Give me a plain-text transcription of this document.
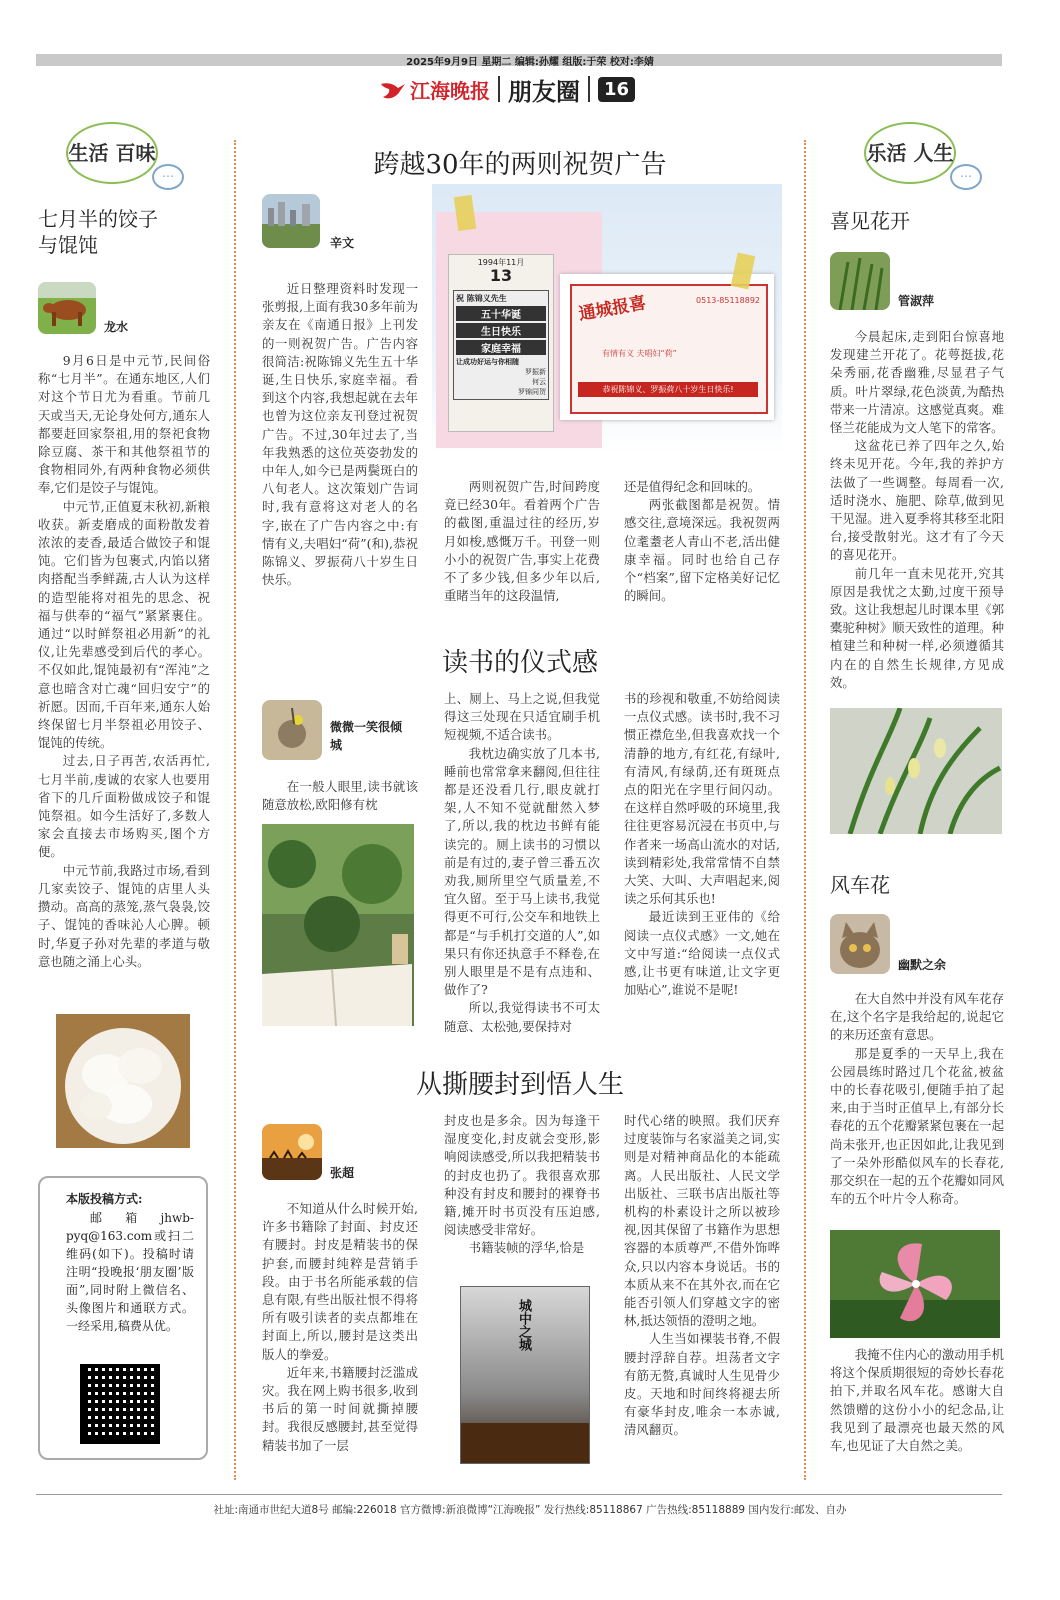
2025年9月9日 星期二 编辑:孙耀 组版:于荣 校对:李婧
江海晚报 朋友圈	16
生活 百味
…
七月半的饺子与馄饨
龙水

9月6日是中元节,民间俗称“七月半”。在通东地区,人们对这个节日尤为看重。节前几天或当天,无论身处何方,通东人都要赶回家祭祖,用的祭祀食物除豆腐、茶干和其他祭祖节的食物相同外,有两种食物必须供奉,它们是饺子与馄饨。

中元节,正值夏末秋初,新粮收获。新麦磨成的面粉散发着浓浓的麦香,最适合做饺子和馄饨。它们皆为包裹式,内馅以猪肉搭配当季鲜蔬,古人认为这样的造型能将对祖先的思念、祝福与供奉的“福气”紧紧裹住。通过“以时鲜祭祖必用新”的礼仪,让先辈感受到后代的孝心。不仅如此,馄饨最初有“浑沌”之意也暗含对亡魂“回归安宁”的祈愿。因而,千百年来,通东人始终保留七月半祭祖必用饺子、馄饨的传统。

过去,日子再苦,农活再忙,七月半前,虔诚的农家人也要用省下的几斤面粉做成饺子和馄饨祭祖。如今生活好了,多数人家会直接去市场购买,图个方便。

中元节前,我路过市场,看到几家卖饺子、馄饨的店里人头攒动。高高的蒸笼,蒸气袅袅,饺子、馄饨的香味沁人心脾。顿时,华夏子孙对先辈的孝道与敬意也随之涌上心头。

本版投稿方式:
邮箱jhwb-pyq@163.com或扫二维码(如下)。投稿时请注明“投晚报‘朋友圈’版面”,同时附上微信名、头像图片和通联方式。一经采用,稿费从优。
跨越30年的两则祝贺广告
辛文

近日整理资料时发现一张剪报,上面有我30多年前为亲友在《南通日报》上刊发的一则祝贺广告。广告内容很简洁:祝陈锦义先生五十华诞,生日快乐,家庭幸福。看到这个内容,我想起就在去年也曾为这位亲友刊登过祝贺广告。不过,30年过去了,当年我熟悉的这位英姿勃发的中年人,如今已是两鬓斑白的八旬老人。这次策划广告词时,我有意将这对老人的名字,嵌在了广告内容之中:有情有义,夫唱妇“荷”(和),恭祝陈锦义、罗振荷八十岁生日快乐。

1994年11月
13
祝 陈锦义先生
五十华诞
生日快乐
家庭幸福
让成功好运与你相随
罗振新
何云
罗锦同贺
通城报喜	0513-85118892
有情有义 夫唱妇“荷”
恭祝陈锦义、罗振荷八十岁生日快乐!

两则祝贺广告,时间跨度竟已经30年。看着两个广告的截图,重温过往的经历,岁月如梭,感慨万千。刊登一则小小的祝贺广告,事实上花费不了多少钱,但多少年以后,重睹当年的这段温情,

还是值得纪念和回味的。

两张截图都是祝贺。情感交往,意境深远。我祝贺两位耄耋老人青山不老,活出健康幸福。同时也给自己存个“档案”,留下定格美好记忆的瞬间。

读书的仪式感
微微一笑很倾城

在一般人眼里,读书就该随意放松,欧阳修有枕

上、厕上、马上之说,但我觉得这三处现在只适宜刷手机短视频,不适合读书。

我枕边确实放了几本书,睡前也常常拿来翻阅,但往往都是还没看几行,眼皮就打架,人不知不觉就酣然入梦了,所以,我的枕边书鲜有能读完的。厕上读书的习惯以前是有过的,妻子曾三番五次劝我,厕所里空气质量差,不宜久留。至于马上读书,我觉得更不可行,公交车和地铁上都是“与手机打交道的人”,如果只有你还执意手不释卷,在别人眼里是不是有点违和、做作了?

所以,我觉得读书不可太随意、太松弛,要保持对

书的珍视和敬重,不妨给阅读一点仪式感。读书时,我不习惯正襟危坐,但我喜欢找一个清静的地方,有红花,有绿叶,有清风,有绿荫,还有斑斑点点的阳光在字里行间闪动。在这样自然呼吸的环境里,我往往更容易沉浸在书页中,与作者来一场高山流水的对话,读到精彩处,我常常情不自禁大笑、大叫、大声唱起来,阅读之乐何其乐也!

最近读到王亚伟的《给阅读一点仪式感》一文,她在文中写道:“给阅读一点仪式感,让书更有味道,让文字更加贴心”,谁说不是呢!

从撕腰封到悟人生
张超

不知道从什么时候开始,许多书籍除了封面、封皮还有腰封。封皮是精装书的保护套,而腰封纯粹是营销手段。由于书名所能承载的信息有限,有些出版社恨不得将所有吸引读者的卖点都堆在封面上,所以,腰封是这类出版人的拳爱。

近年来,书籍腰封泛滥成灾。我在网上购书很多,收到书后的第一时间就撕掉腰封。我很反感腰封,甚至觉得精装书加了一层

封皮也是多余。因为每逢干湿度变化,封皮就会变形,影响阅读感受,所以我把精装书的封皮也扔了。我很喜欢那种没有封皮和腰封的裸脊书籍,摊开时书页没有压迫感,阅读感受非常好。

书籍装帧的浮华,恰是

城中之城

时代心绪的映照。我们厌弃过度装饰与名家溢美之词,实则是对精神商品化的本能疏离。人民出版社、人民文学出版社、三联书店出版社等机构的朴素设计之所以被珍视,因其保留了书籍作为思想容器的本质尊严,不借外饰哗众,只以内容本身说话。书的本质从来不在其外衣,而在它能否引领人们穿越文字的密林,抵达领悟的澄明之地。

人生当如裸装书脊,不假腰封浮辞自荐。坦荡者文字有筋无赘,真诚时人生见骨少皮。天地和时间终将褪去所有豪华封皮,唯余一本赤诚,清风翻页。

乐活 人生
…
喜见花开
管淑萍

今晨起床,走到阳台惊喜地发现建兰开花了。花萼挺拔,花朵秀丽,花香幽雅,尽显君子气质。叶片翠绿,花色淡黄,为酷热带来一片清凉。这感觉真爽。难怪兰花能成为文人笔下的常客。

这盆花已养了四年之久,始终未见开花。今年,我的养护方法做了一些调整。每周看一次,适时浇水、施肥、除草,做到见干见湿。进入夏季将其移至北阳台,接受散射光。这才有了今天的喜见花开。

前几年一直未见花开,究其原因是我忧之太勤,过度干预导致。这让我想起儿时课本里《郭橐驼种树》顺天致性的道理。种植建兰和种树一样,必须遵循其内在的自然生长规律,方见成效。

风车花
幽默之余

在大自然中并没有风车花存在,这个名字是我给起的,说起它的来历还蛮有意思。

那是夏季的一天早上,我在公园晨练时路过几个花盆,被盆中的长春花吸引,便随手拍了起来,由于当时正值早上,有部分长春花的五个花瓣紧紧包裹在一起尚未张开,也正因如此,让我见到了一朵外形酷似风车的长春花,那交织在一起的五个花瓣如同风车的五个叶片令人称奇。

我掩不住内心的激动用手机将这个保质期很短的奇妙长春花拍下,并取名风车花。感谢大自然馈赠的这份小小的纪念品,让我见到了最漂亮也最天然的风车,也见证了大自然之美。

社址:南通市世纪大道8号 邮编:226018 官方微博:新浪微博“江海晚报” 发行热线:85118867 广告热线:85118889 国内发行:邮发、自办
